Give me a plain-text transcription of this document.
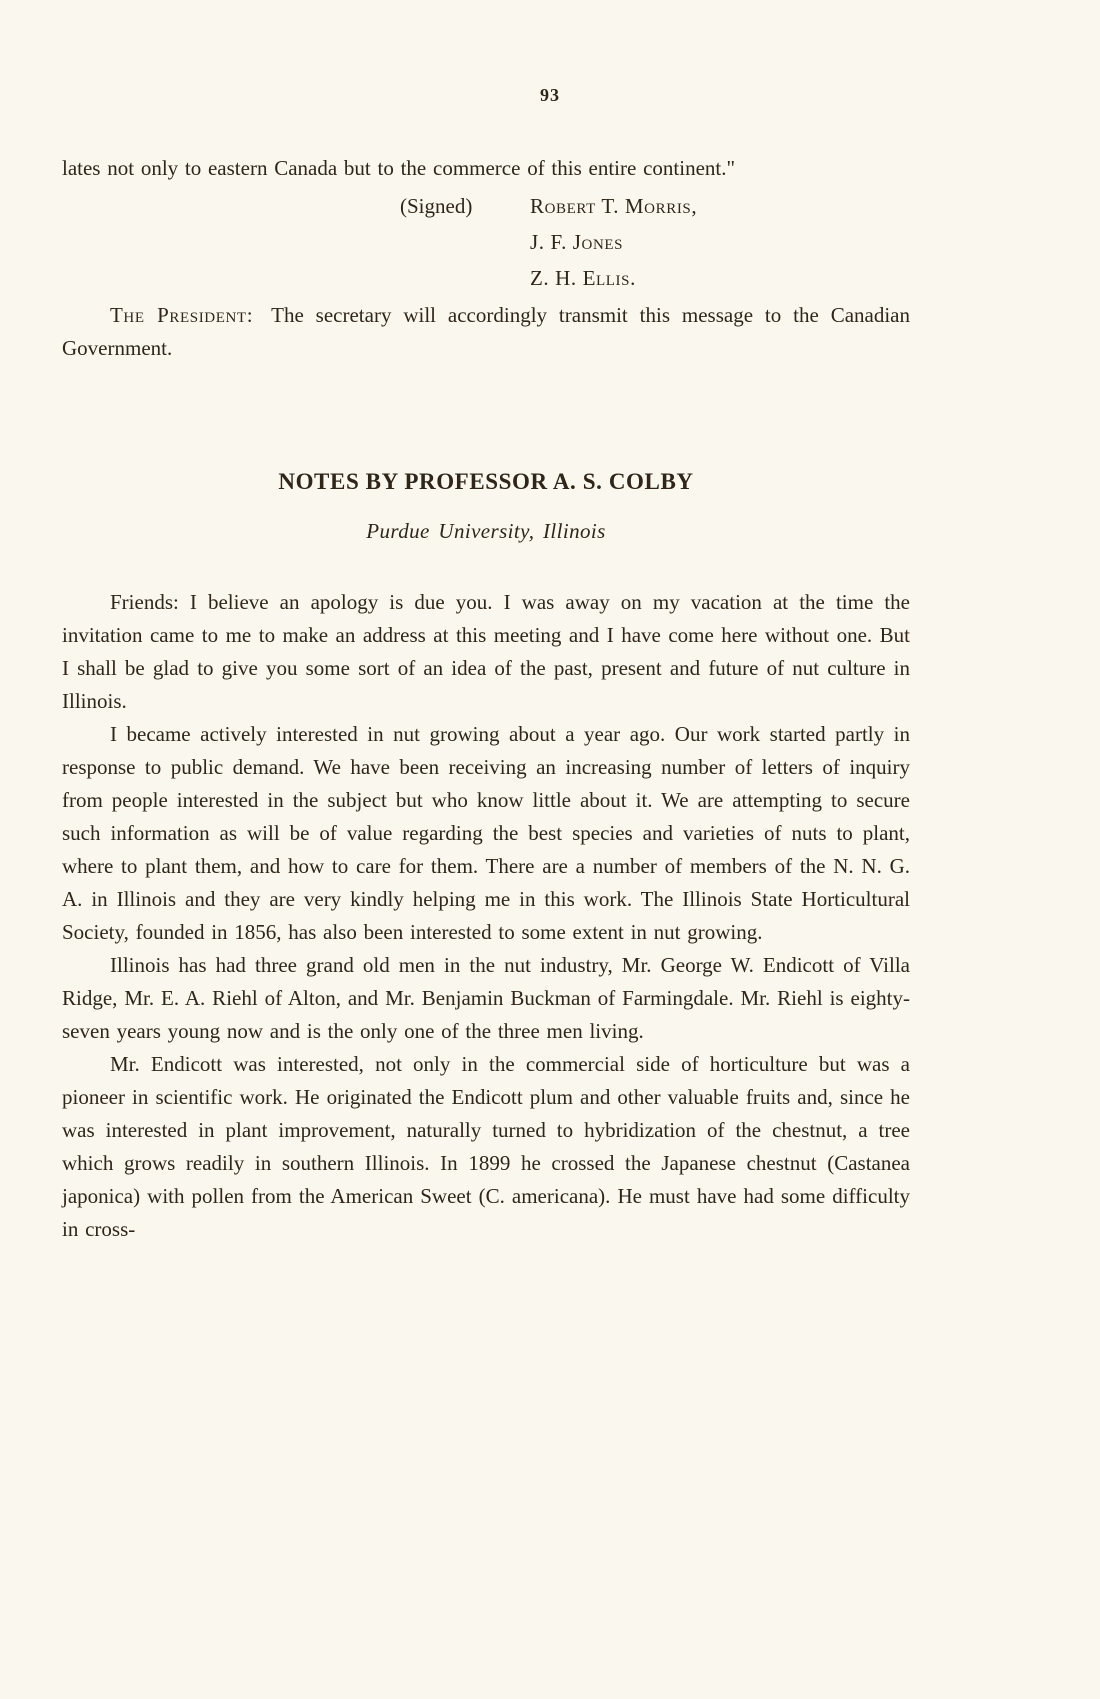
93

lates not only to eastern Canada but to the commerce of this entire continent."

(Signed)	Robert T. Morris,
J. F. Jones
Z. H. Ellis.

The President: The secretary will accordingly transmit this message to the Canadian Government.

NOTES BY PROFESSOR A. S. COLBY
Purdue University, Illinois

Friends: I believe an apology is due you. I was away on my vacation at the time the invitation came to me to make an address at this meeting and I have come here without one. But I shall be glad to give you some sort of an idea of the past, present and future of nut culture in Illinois.

I became actively interested in nut growing about a year ago. Our work started partly in response to public demand. We have been receiving an increasing number of letters of inquiry from people interested in the subject but who know little about it. We are attempting to secure such information as will be of value regarding the best species and varieties of nuts to plant, where to plant them, and how to care for them. There are a number of members of the N. N. G. A. in Illinois and they are very kindly helping me in this work. The Illinois State Horticultural Society, founded in 1856, has also been interested to some extent in nut growing.

Illinois has had three grand old men in the nut industry, Mr. George W. Endicott of Villa Ridge, Mr. E. A. Riehl of Alton, and Mr. Benjamin Buckman of Farmingdale. Mr. Riehl is eighty-seven years young now and is the only one of the three men living.

Mr. Endicott was interested, not only in the commercial side of horticulture but was a pioneer in scientific work. He originated the Endicott plum and other valuable fruits and, since he was interested in plant improvement, naturally turned to hybridization of the chestnut, a tree which grows readily in southern Illinois. In 1899 he crossed the Japanese chestnut (Castanea japonica) with pollen from the American Sweet (C. americana). He must have had some difficulty in cross-
